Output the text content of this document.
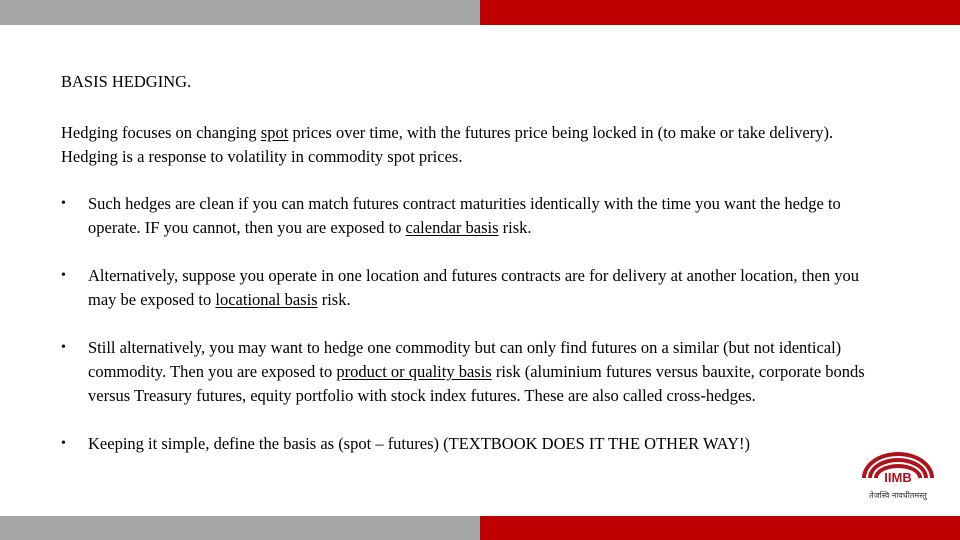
BASIS HEDGING.

Hedging focuses on changing spot prices over time, with the futures price being locked in (to make or take delivery). Hedging is a response to volatility in commodity spot prices.

• Such hedges are clean if you can match futures contract maturities identically with the time you want the hedge to operate. IF you cannot, then you are exposed to calendar basis risk.
• Alternatively, suppose you operate in one location and futures contracts are for delivery at another location, then you may be exposed to locational basis risk.
• Still alternatively, you may want to hedge one commodity but can only find futures on a similar (but not identical) commodity. Then you are exposed to product or quality basis risk (aluminium futures versus bauxite, corporate bonds versus Treasury futures, equity portfolio with stock index futures. These are also called cross-hedges.
• Keeping it simple, define the basis as (spot – futures) (TEXTBOOK DOES IT THE OTHER WAY!)
IIMB
तेजस्वि नावधीतमस्तु
